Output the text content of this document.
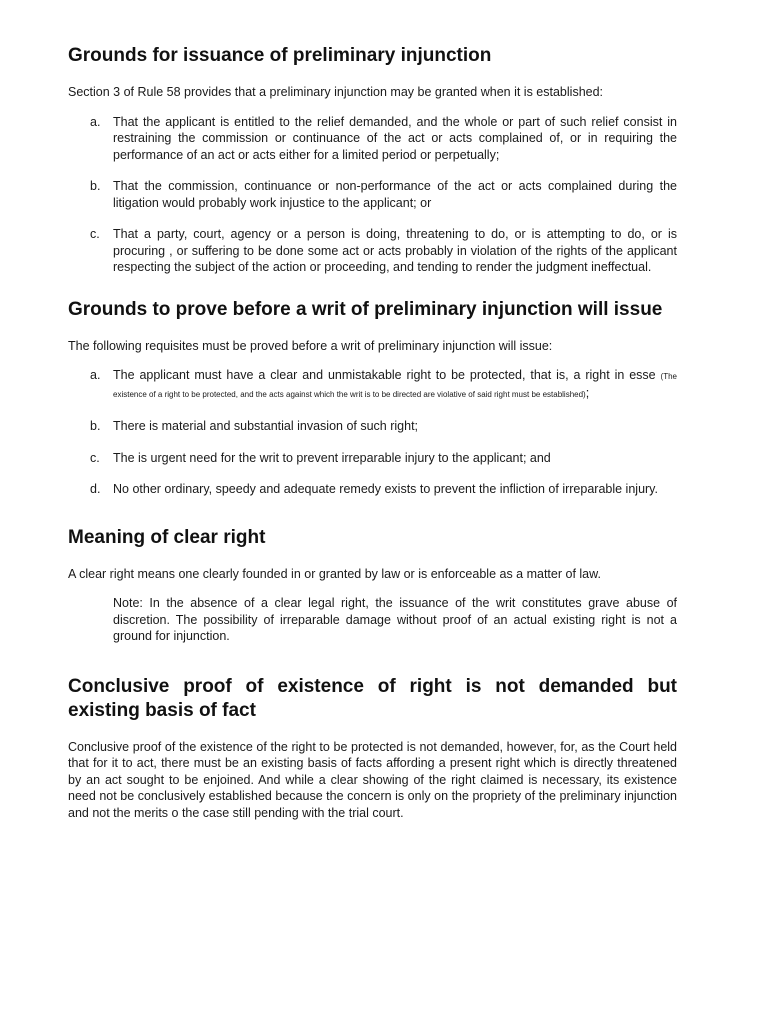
Grounds for issuance of preliminary injunction

Section 3 of Rule 58 provides that a preliminary injunction may be granted when it is established:

a. That the applicant is entitled to the relief demanded, and the whole or part of such relief consist in restraining the commission or continuance of the act or acts complained of, or in requiring the performance of an act or acts either for a limited period or perpetually;
b. That the commission, continuance or non-performance of the act or acts complained during the litigation would probably work injustice to the applicant; or
c. That a party, court, agency or a person is doing, threatening to do, or is attempting to do, or is procuring , or suffering to be done some act or acts probably in violation of the rights of the applicant respecting the subject of the action or proceeding, and tending to render the judgment ineffectual.
Grounds to prove before a writ of preliminary injunction will issue

The following requisites must be proved before a writ of preliminary injunction will issue:

a. The applicant must have a clear and unmistakable right to be protected, that is, a right in esse (The existence of a right to be protected, and the acts against which the writ is to be directed are violative of said right must be established);
b. There is material and substantial invasion of such right;
c. The is urgent need for the writ to prevent irreparable injury to the applicant; and
d. No other ordinary, speedy and adequate remedy exists to prevent the infliction of irreparable injury.
Meaning of clear right

A clear right means one clearly founded in or granted by law or is enforceable as a matter of law.

Note: In the absence of a clear legal right, the issuance of the writ constitutes grave abuse of discretion. The possibility of irreparable damage without proof of an actual existing right is not a ground for injunction.

Conclusive proof of existence of right is not demanded but existing basis of fact

Conclusive proof of the existence of the right to be protected is not demanded, however, for, as the Court held that for it to act, there must be an existing basis of facts affording a present right which is directly threatened by an act sought to be enjoined. And while a clear showing of the right claimed is necessary, its existence need not be conclusively established because the concern is only on the propriety of the preliminary injunction and not the merits o the case still pending with the trial court.
